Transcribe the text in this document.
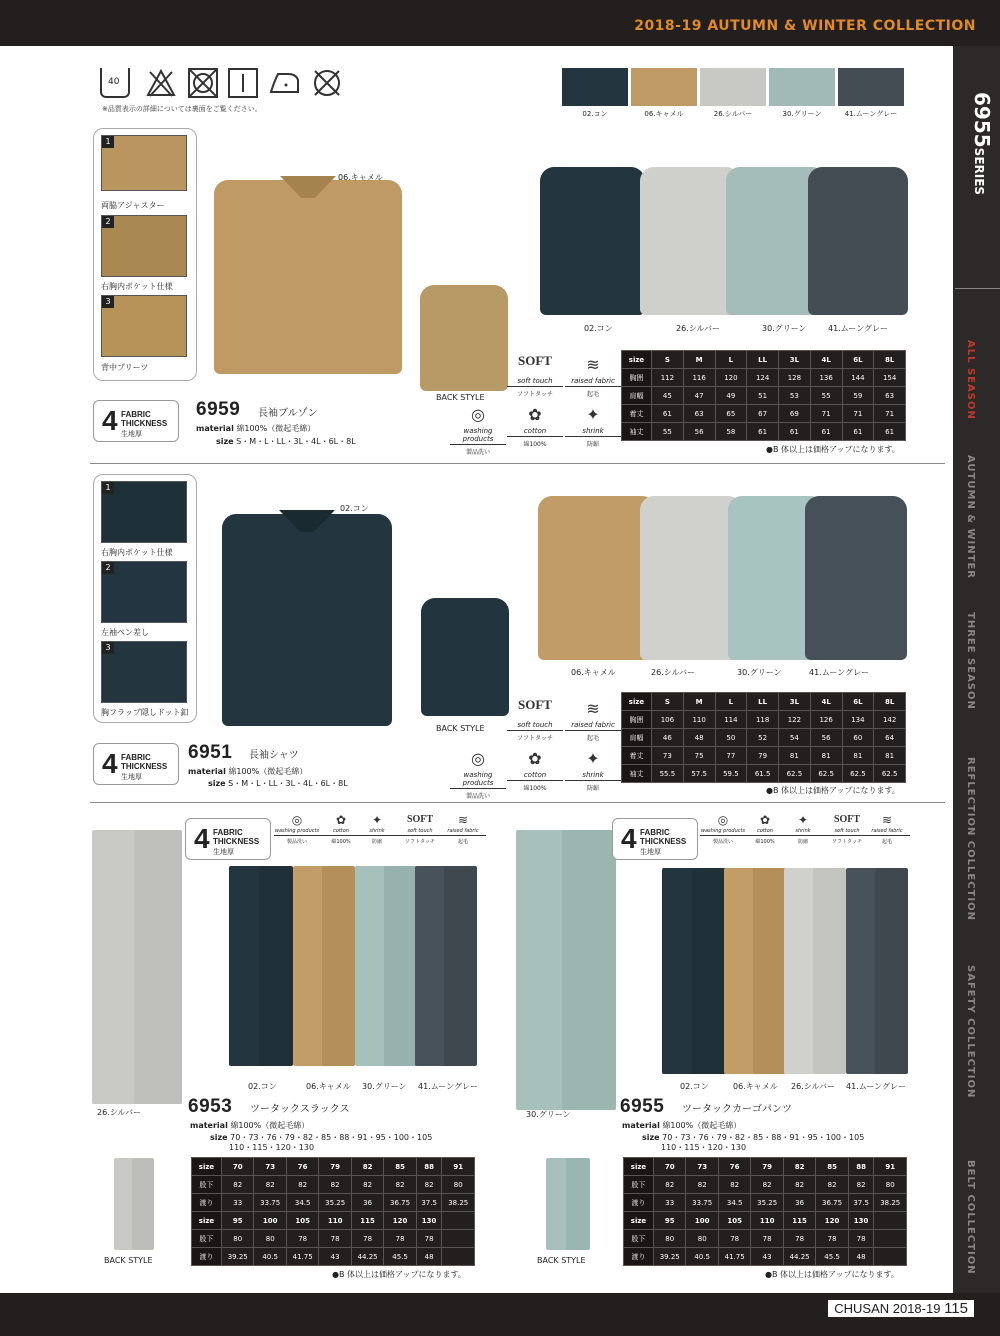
2018-19 AUTUMN & WINTER COLLECTION
6955SERIES
ALL SEASON
AUTUMN & WINTER
THREE SEASON
REFLECTION COLLECTION
SAFETY COLLECTION
BELT COLLECTION
CHUSAN 2018-19 115
40
※品質表示の詳細については裏面をご覧ください。
02.コン	06.キャメル	26.シルバー	30.グリーン	41.ムーングレー
1
両脇アジャスター
2
右胸内ポケット仕様
3
背中プリーツ
06.キャメル
BACK STYLE
02.コン	26.シルバー	30.グリーン	41.ムーングレー
4 FABRIC
THICKNESS
生地厚
6959 長袖ブルゾン
material 綿100%（微起毛綿）
size S・M・L・LL・3L・4L・6L・8L
SOFT
soft touch
ソフトタッチ
≋
raised fabric
起毛
◎
washing products
製品洗い
✿
cotton
綿100%
✦
shrink
防縮
size	S	M	L	LL	3L	4L	6L	8L
胸囲	112	116	120	124	128	136	144	154
肩幅	45	47	49	51	53	55	59	63
着丈	61	63	65	67	69	71	71	71
袖丈	55	56	58	61	61	61	61	61
●B 体以上は価格アップになります。
1
右胸内ポケット仕様
2
左袖ペン差し
3
胸フラップ隠しドット釦
02.コン
BACK STYLE
06.キャメル	26.シルバー	30.グリーン	41.ムーングレー
4 FABRIC
THICKNESS
生地厚
6951 長袖シャツ
material 綿100%（微起毛綿）
size S・M・L・LL・3L・4L・6L・8L
SOFT
soft touch
ソフトタッチ
≋
raised fabric
起毛
◎
washing products
製品洗い
✿
cotton
綿100%
✦
shrink
防縮
size	S	M	L	LL	3L	4L	6L	8L
胸囲	106	110	114	118	122	126	134	142
肩幅	46	48	50	52	54	56	60	64
着丈	73	75	77	79	81	81	81	81
袖丈	55.5	57.5	59.5	61.5	62.5	62.5	62.5	62.5
●B 体以上は価格アップになります。
26.シルバー
4 FABRIC
THICKNESS
生地厚
◎
washing products
製品洗い
✿
cotton
綿100%
✦
shrink
防縮
SOFT
soft touch
ソフトタッチ
≋
raised fabric
起毛
02.コン	06.キャメル 30.グリーン 41.ムーングレー
6953 ツータックスラックス
material 綿100%（微起毛綿）
size 70・73・76・79・82・85・88・91・95・100・105
110・115・120・130
BACK STYLE
size	70	73	76	79	82	85	88	91
股下	82	82	82	82	82	82	82	80
渡り	33	33.75	34.5	35.25	36	36.75	37.5	38.25
size	95	100	105	110	115	120	130	
股下	80	80	78	78	78	78	78	
渡り	39.25	40.5	41.75	43	44.25	45.5	48	
●B 体以上は価格アップになります。
30.グリーン
4 FABRIC
THICKNESS
生地厚
◎
washing products
製品洗い
✿
cotton
綿100%
✦
shrink
防縮
SOFT
soft touch
ソフトタッチ
≋
raised fabric
起毛
02.コン	06.キャメル 26.シルバー 41.ムーングレー
6955 ツータックカーゴパンツ
material 綿100%（微起毛綿）
size 70・73・76・79・82・85・88・91・95・100・105
110・115・120・130
BACK STYLE
size	70	73	76	79	82	85	88	91
股下	82	82	82	82	82	82	82	80
渡り	33	33.75	34.5	35.25	36	36.75	37.5	38.25
size	95	100	105	110	115	120	130	
股下	80	80	78	78	78	78	78	
渡り	39.25	40.5	41.75	43	44.25	45.5	48	
●B 体以上は価格アップになります。
